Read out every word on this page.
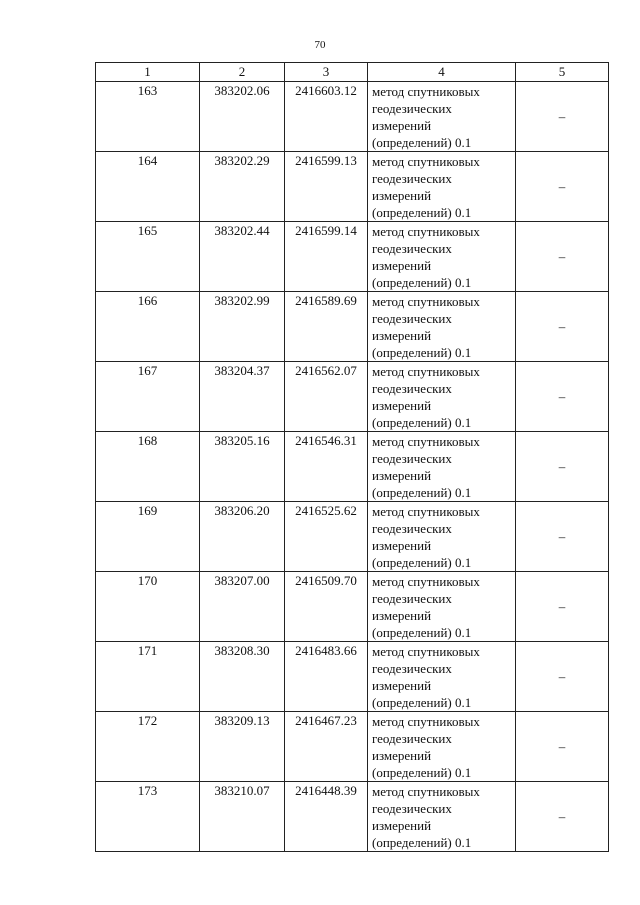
70
1	2	3	4	5
163	383202.06	2416603.12	метод спутниковых
геодезических
измерений
(определений) 0.1	–
164	383202.29	2416599.13	метод спутниковых
геодезических
измерений
(определений) 0.1	–
165	383202.44	2416599.14	метод спутниковых
геодезических
измерений
(определений) 0.1	–
166	383202.99	2416589.69	метод спутниковых
геодезических
измерений
(определений) 0.1	–
167	383204.37	2416562.07	метод спутниковых
геодезических
измерений
(определений) 0.1	–
168	383205.16	2416546.31	метод спутниковых
геодезических
измерений
(определений) 0.1	–
169	383206.20	2416525.62	метод спутниковых
геодезических
измерений
(определений) 0.1	–
170	383207.00	2416509.70	метод спутниковых
геодезических
измерений
(определений) 0.1	–
171	383208.30	2416483.66	метод спутниковых
геодезических
измерений
(определений) 0.1	–
172	383209.13	2416467.23	метод спутниковых
геодезических
измерений
(определений) 0.1	–
173	383210.07	2416448.39	метод спутниковых
геодезических
измерений
(определений) 0.1	–
